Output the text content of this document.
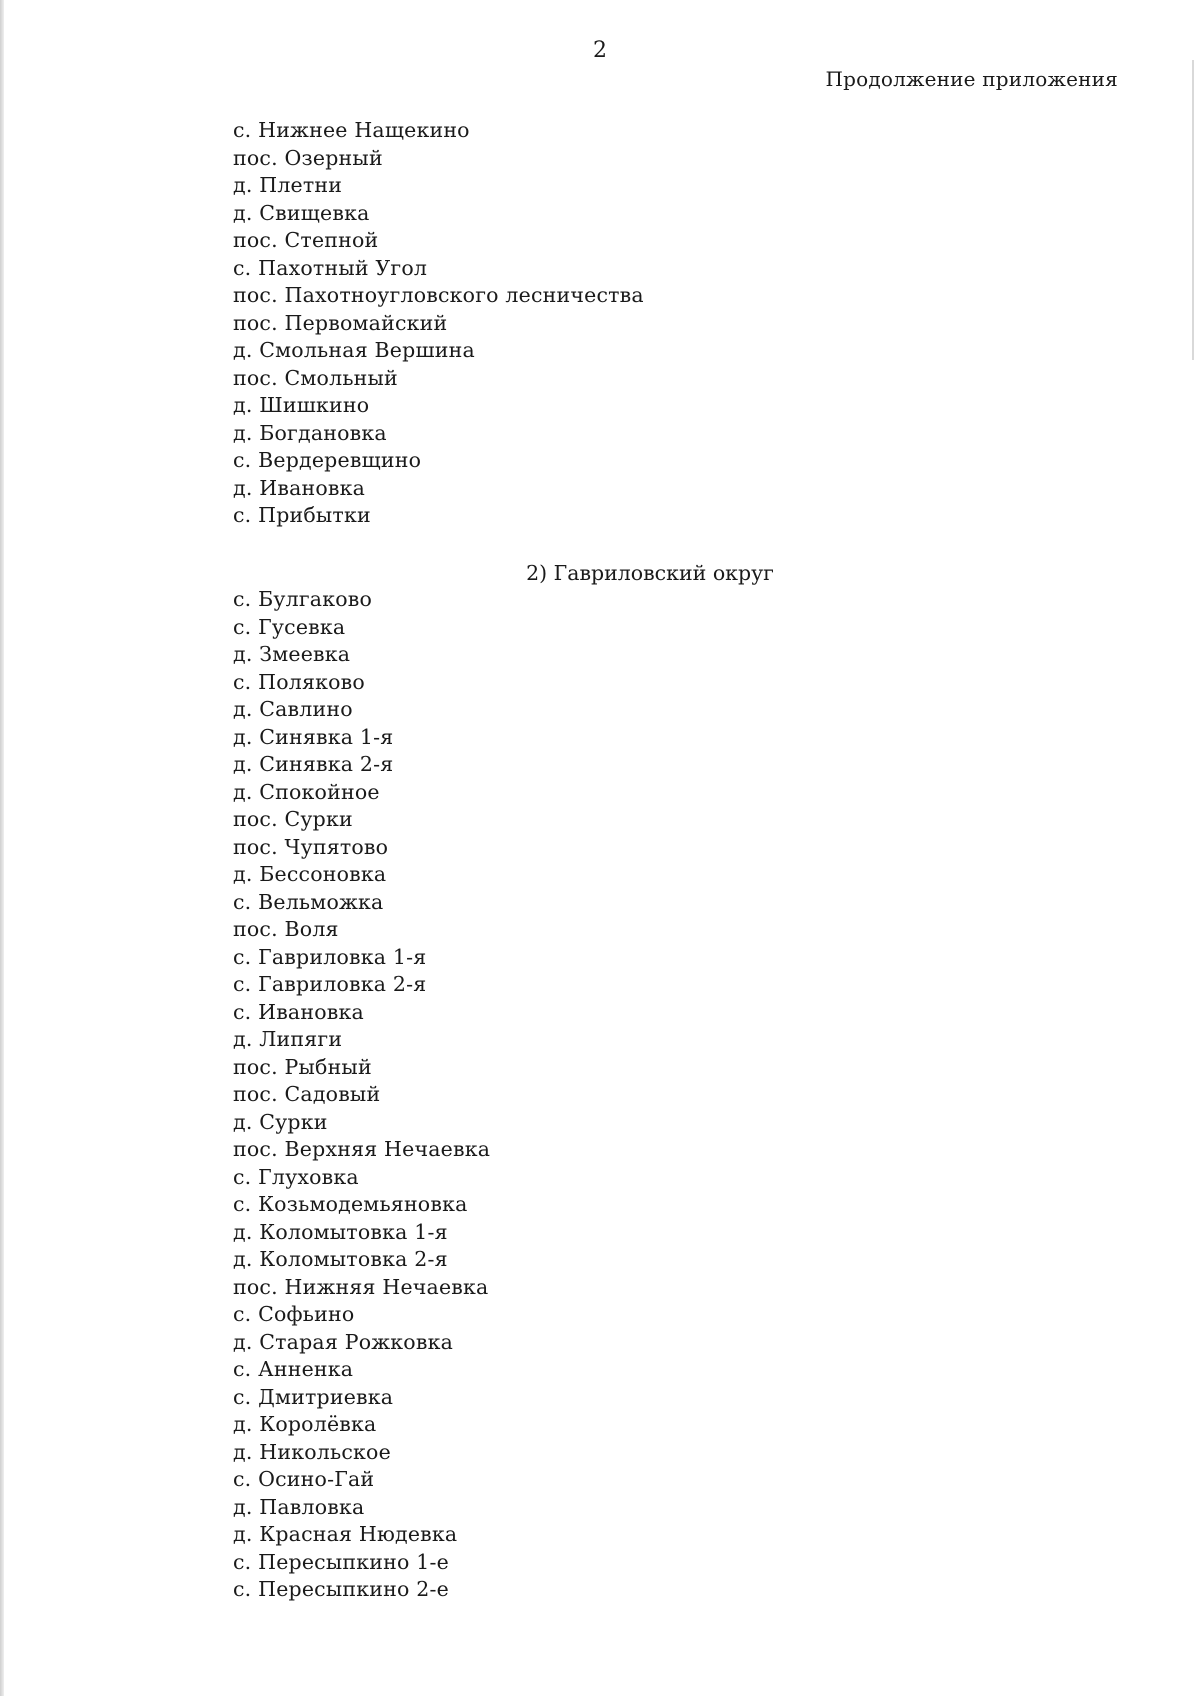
2
Продолжение приложения
с. Нижнее Нащекино
пос. Озерный
д. Плетни
д. Свищевка
пос. Степной
с. Пахотный Угол
пос. Пахотноугловского лесничества
пос. Первомайский
д. Смольная Вершина
пос. Смольный
д. Шишкино
д. Богдановка
с. Вердеревщино
д. Ивановка
с. Прибытки
2) Гавриловский округ
с. Булгаково
с. Гусевка
д. Змеевка
с. Поляково
д. Савлино
д. Синявка 1-я
д. Синявка 2-я
д. Спокойное
пос. Сурки
пос. Чупятово
д. Бессоновка
с. Вельможка
пос. Воля
с. Гавриловка 1-я
с. Гавриловка 2-я
с. Ивановка
д. Липяги
пос. Рыбный
пос. Садовый
д. Сурки
пос. Верхняя Нечаевка
с. Глуховка
с. Козьмодемьяновка
д. Коломытовка 1-я
д. Коломытовка 2-я
пос. Нижняя Нечаевка
с. Софьино
д. Старая Рожковка
с. Анненка
с. Дмитриевка
д. Королёвка
д. Никольское
с. Осино-Гай
д. Павловка
д. Красная Нюдевка
с. Пересыпкино 1-е
с. Пересыпкино 2-е
